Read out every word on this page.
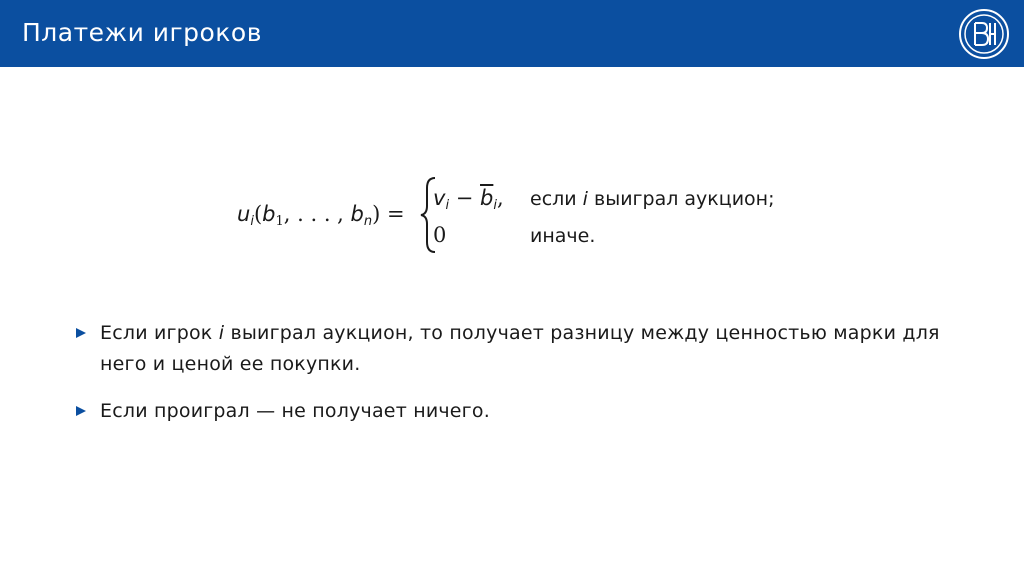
Платежи игроков
$u_i(b_1$, . . . , $b_n$) =
$v_i - \overline{b}_i$, если i выиграл аукцион;
0	иначе.
Если игрок i выиграл аукцион, то получает разницу между ценностью марки для него и ценой ее покупки.
Если проиграл — не получает ничего.
